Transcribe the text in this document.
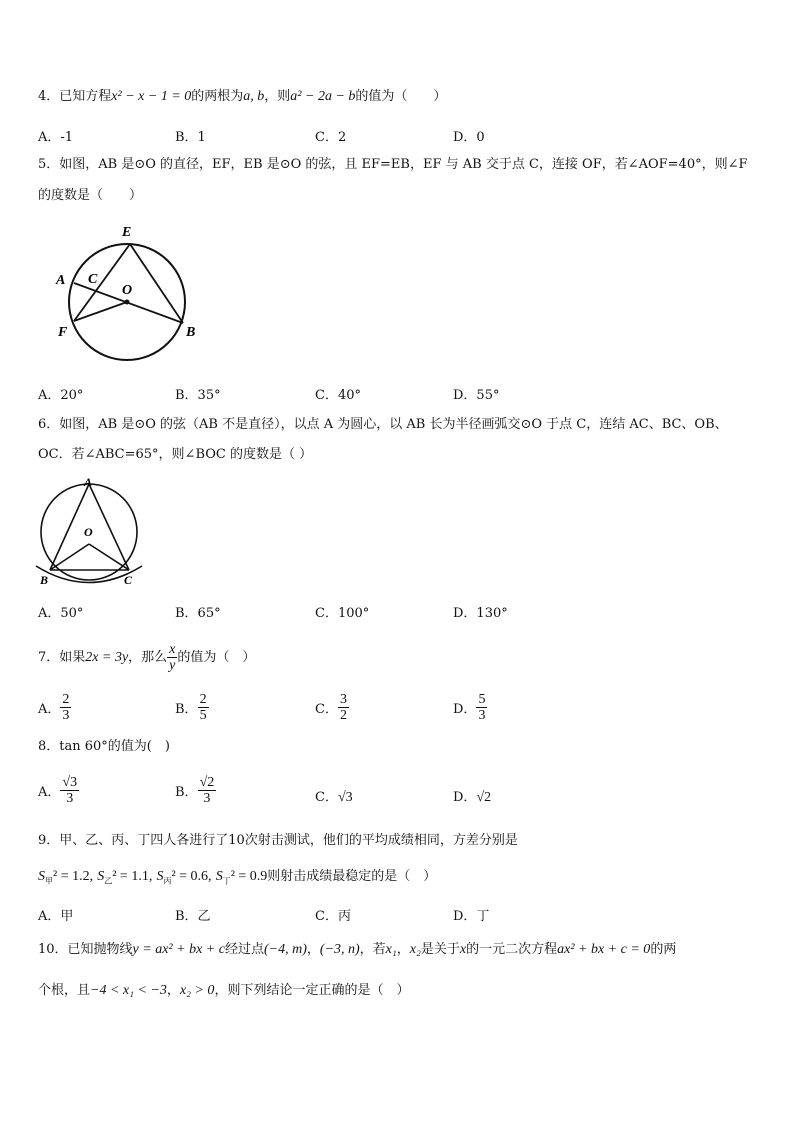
4．已知方程x² − x − 1 = 0的两根为a, b，则a² − 2a − b的值为（　　）
A．-1	B．1	C．2	D．0
5．如图，AB 是⊙O 的直径，EF，EB 是⊙O 的弦，且 EF=EB，EF 与 AB 交于点 C，连接 OF，若∠AOF=40°，则∠F
的度数是（　　）
E
A C
O
F	B
A．20°	B．35°	C．40°	D．55°
6．如图，AB 是⊙O 的弦（AB 不是直径），以点 A 为圆心，以 AB 长为半径画弧交⊙O 于点 C，连结 AC、BC、OB、
OC．若∠ABC=65°，则∠BOC 的度数是（ ）
A
O
B	C
A．50°	B．65°	C．100°	D．130°
7．如果2x = 3y，那么 $\frac{x}{y}$ 的值为（　）
A． $\frac{2}{3}$	B． $\frac{2}{5}$	C． $\frac{3}{2}$	D． $\frac{5}{3}$
8．tan 60°的值为(　)
A． $\frac{√3}{3}$	B． $\frac{√2}{3}$	C．√3	D．√2
9．甲、乙、丙、丁四人各进行了10次射击测试，他们的平均成绩相同，方差分别是
$S_甲^2 = 1.2$, $S_乙^2 = 1.1$, $S_丙^2 = 0.6$, $S_丁^2 = 0.9$则射击成绩最稳定的是（　）
A．甲	B．乙	C．丙	D．丁
10．已知抛物线y = ax² + bx + c经过点(−4, m)，(−3, n)，若x₁，x₂是关于x的一元二次方程ax² + bx + c = 0的两
个根，且−4 < x₁ < −3，x₂ > 0，则下列结论一定正确的是（　）
